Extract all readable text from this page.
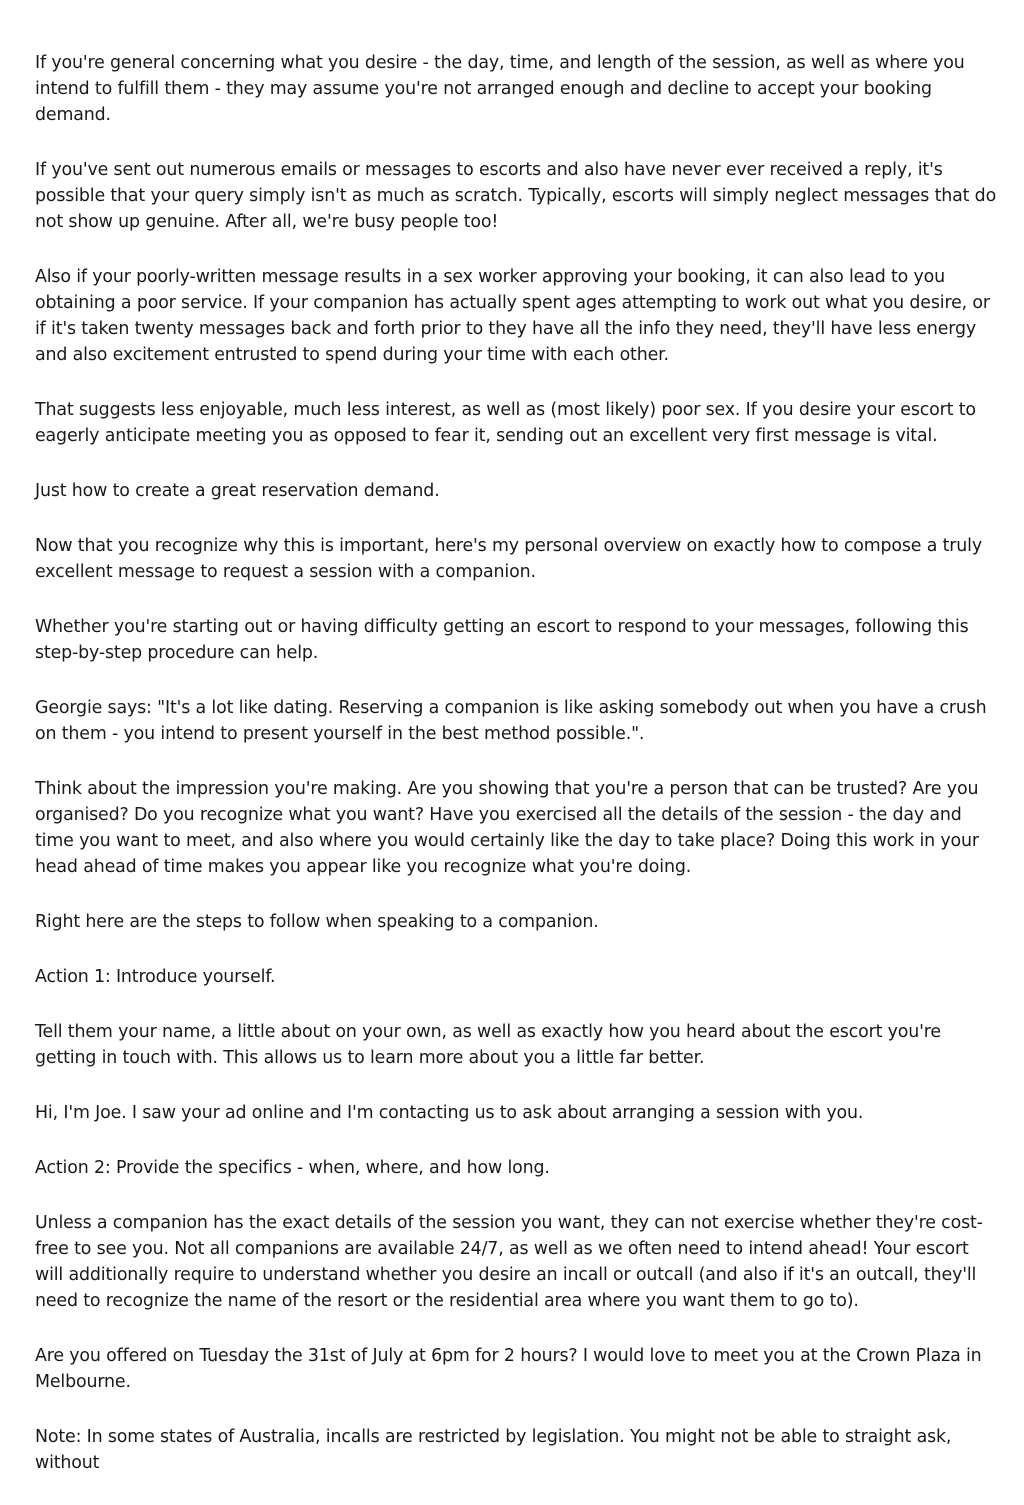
If you're general concerning what you desire - the day, time, and length of the session, as well as where you intend to fulfill them - they may assume you're not arranged enough and decline to accept your booking demand.

If you've sent out numerous emails or messages to escorts and also have never ever received a reply, it's possible that your query simply isn't as much as scratch. Typically, escorts will simply neglect messages that do not show up genuine. After all, we're busy people too!

Also if your poorly-written message results in a sex worker approving your booking, it can also lead to you obtaining a poor service. If your companion has actually spent ages attempting to work out what you desire, or if it's taken twenty messages back and forth prior to they have all the info they need, they'll have less energy and also excitement entrusted to spend during your time with each other.

That suggests less enjoyable, much less interest, as well as (most likely) poor sex. If you desire your escort to eagerly anticipate meeting you as opposed to fear it, sending out an excellent very first message is vital.

Just how to create a great reservation demand.

Now that you recognize why this is important, here's my personal overview on exactly how to compose a truly excellent message to request a session with a companion.

Whether you're starting out or having difficulty getting an escort to respond to your messages, following this step-by-step procedure can help.

Georgie says: "It's a lot like dating. Reserving a companion is like asking somebody out when you have a crush on them - you intend to present yourself in the best method possible.".

Think about the impression you're making. Are you showing that you're a person that can be trusted? Are you organised? Do you recognize what you want? Have you exercised all the details of the session - the day and time you want to meet, and also where you would certainly like the day to take place? Doing this work in your head ahead of time makes you appear like you recognize what you're doing.

Right here are the steps to follow when speaking to a companion.

Action 1: Introduce yourself.

Tell them your name, a little about on your own, as well as exactly how you heard about the escort you're getting in touch with. This allows us to learn more about you a little far better.

Hi, I'm Joe. I saw your ad online and I'm contacting us to ask about arranging a session with you.

Action 2: Provide the specifics - when, where, and how long.

Unless a companion has the exact details of the session you want, they can not exercise whether they're cost-free to see you. Not all companions are available 24/7, as well as we often need to intend ahead! Your escort will additionally require to understand whether you desire an incall or outcall (and also if it's an outcall, they'll need to recognize the name of the resort or the residential area where you want them to go to).

Are you offered on Tuesday the 31st of July at 6pm for 2 hours? I would love to meet you at the Crown Plaza in Melbourne.

Note: In some states of Australia, incalls are restricted by legislation. You might not be able to straight ask, without
